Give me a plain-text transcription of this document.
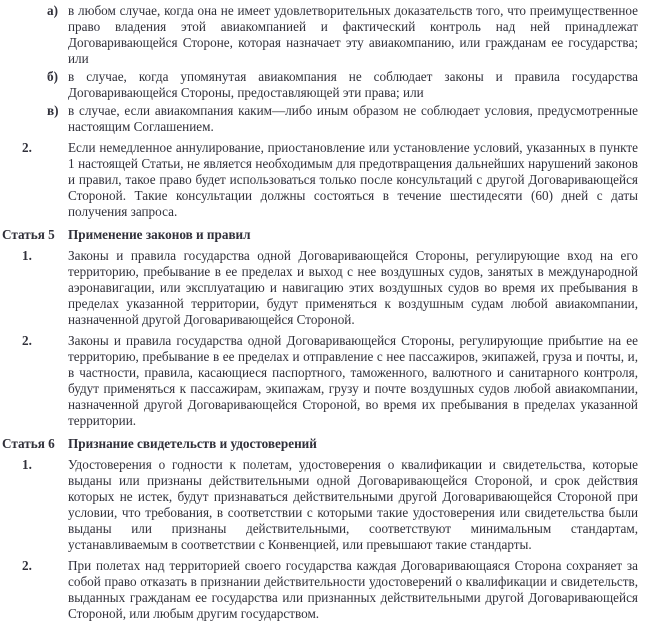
а) в любом случае, когда она не имеет удовлетворительных доказательств того, что преимущественное право владения этой авиакомпанией и фактический контроль над ней принадлежат Договаривающейся Стороне, которая назначает эту авиакомпанию, или гражданам ее государства; или

б) в случае, когда упомянутая авиакомпания не соблюдает законы и правила государства Договаривающейся Стороны, предоставляющей эти права; или

в) в случае, если авиакомпания каким—либо иным образом не соблюдает условия, предусмотренные настоящим Соглашением.

2.	Если немедленное аннулирование, приостановление или установление условий, указанных в пункте 1 настоящей Статьи, не является необходимым для предотвращения дальнейших нарушений законов и правил, такое право будет использоваться только после консультаций с другой Договаривающейся Стороной. Такие консультации должны состояться в течение шестидесяти (60) дней с даты получения запроса.

Статья 5 Применение законов и правил

1.	Законы и правила государства одной Договаривающейся Стороны, регулирующие вход на его территорию, пребывание в ее пределах и выход с нее воздушных судов, занятых в международной аэронавигации, или эксплуатацию и навигацию этих воздушных судов во время их пребывания в пределах указанной территории, будут применяться к воздушным судам любой авиакомпании, назначенной другой Договаривающейся Стороной.

2.	Законы и правила государства одной Договаривающейся Стороны, регулирующие прибытие на ее территорию, пребывание в ее пределах и отправление с нее пассажиров, экипажей, груза и почты, и, в частности, правила, касающиеся паспортного, таможенного, валютного и санитарного контроля, будут применяться к пассажирам, экипажам, грузу и почте воздушных судов любой авиакомпании, назначенной другой Договаривающейся Стороной, во время их пребывания в пределах указанной территории.

Статья 6 Признание свидетельств и удостоверений

1.	Удостоверения о годности к полетам, удостоверения о квалификации и свидетельства, которые выданы или признаны действительными одной Договаривающейся Стороной, и срок действия которых не истек, будут признаваться действительными другой Договаривающейся Стороной при условии, что требования, в соответствии с которыми такие удостоверения или свидетельства были выданы или признаны действительными, соответствуют минимальным стандартам, устанавливаемым в соответствии с Конвенцией, или превышают такие стандарты.

2.	При полетах над территорией своего государства каждая Договаривающаяся Сторона сохраняет за собой право отказать в признании действительности удостоверений о квалификации и свидетельств, выданных гражданам ее государства или признанных действительными другой Договаривающейся Стороной, или любым другим государством.
